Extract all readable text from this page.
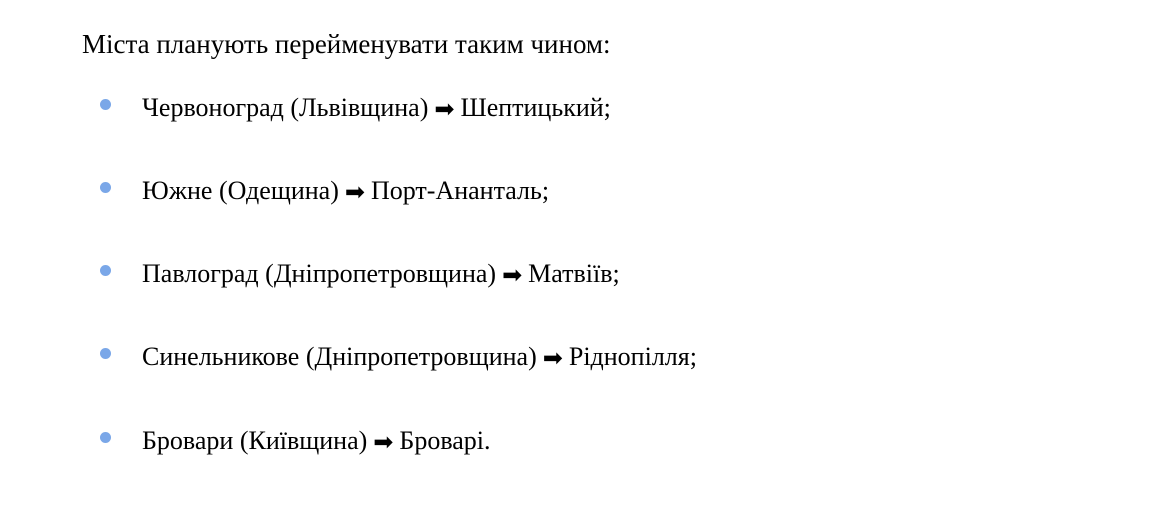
Міста планують перейменувати таким чином:

Червоноград (Львівщина) ➡ Шептицький;
Южне (Одещина) ➡ Порт-Ананталь;
Павлоград (Дніпропетровщина) ➡ Матвіїв;
Синельникове (Дніпропетровщина) ➡ Ріднопілля;
Бровари (Київщина) ➡ Броварі.
